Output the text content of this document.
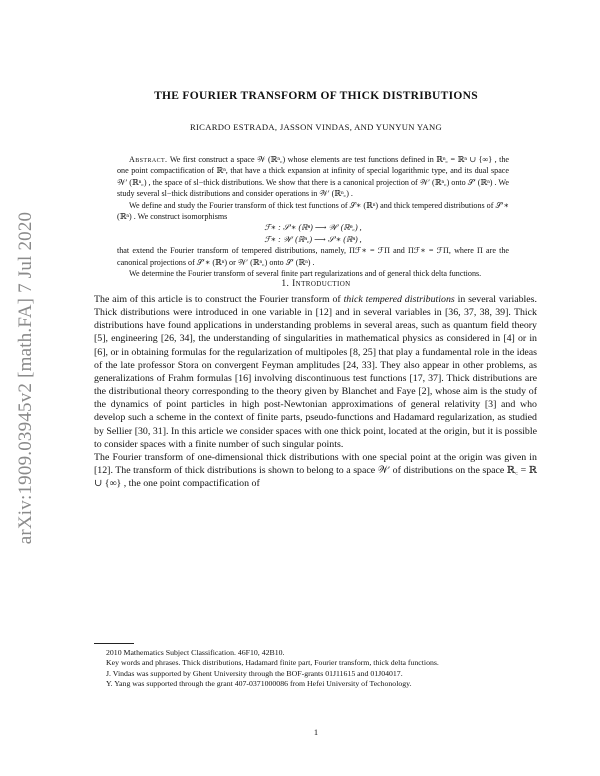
arXiv:1909.03945v2 [math.FA] 7 Jul 2020
THE FOURIER TRANSFORM OF THICK DISTRIBUTIONS
RICARDO ESTRADA, JASSON VINDAS, AND YUNYUN YANG

Abstract. We first construct a space 𝒲 (ℝⁿ꜀) whose elements are test functions defined in ℝⁿ꜀ = ℝⁿ ∪ {∞} , the one point compactification of ℝⁿ, that have a thick expansion at infinity of special logarithmic type, and its dual space 𝒲′ (ℝⁿ꜀) , the space of sl−thick distributions. We show that there is a canonical projection of 𝒲′ (ℝⁿ꜀) onto 𝒮′ (ℝⁿ) . We study several sl−thick distributions and consider operations in 𝒲′ (ℝⁿ꜀) .

We define and study the Fourier transform of thick test functions of 𝒮∗ (ℝⁿ) and thick tempered distributions of 𝒮′∗ (ℝⁿ) . We construct isomorphisms

ℱ∗ : 𝒮′∗ (ℝⁿ) ⟶ 𝒲′ (ℝⁿ꜀) ,

ℱ∗ : 𝒲′ (ℝⁿ꜀) ⟶ 𝒮′∗ (ℝⁿ) ,

that extend the Fourier transform of tempered distributions, namely, Πℱ∗ = ℱΠ and Πℱ∗ = ℱΠ, where Π are the canonical projections of 𝒮′∗ (ℝⁿ) or 𝒲′ (ℝⁿ꜀) onto 𝒮′ (ℝⁿ) .

We determine the Fourier transform of several finite part regularizations and of general thick delta functions.

1. Introduction

The aim of this article is to construct the Fourier transform of thick tempered distributions in several variables. Thick distributions were introduced in one variable in [12] and in several variables in [36, 37, 38, 39]. Thick distributions have found applications in understanding problems in several areas, such as quantum field theory [5], engineering [26, 34], the understanding of singularities in mathematical physics as considered in [4] or in [6], or in obtaining formulas for the regularization of multipoles [8, 25] that play a fundamental role in the ideas of the late professor Stora on convergent Feyman amplitudes [24, 33]. They also appear in other problems, as generalizations of Frahm formulas [16] involving discontinuous test functions [17, 37]. Thick distributions are the distributional theory corresponding to the theory given by Blanchet and Faye [2], whose aim is the study of the dynamics of point particles in high post-Newtonian approximations of general relativity [3] and who develop such a scheme in the context of finite parts, pseudo-functions and Hadamard regularization, as studied by Sellier [30, 31]. In this article we consider spaces with one thick point, located at the origin, but it is possible to consider spaces with a finite number of such singular points.

The Fourier transform of one-dimensional thick distributions with one special point at the origin was given in [12]. The transform of thick distributions is shown to belong to a space 𝒲′ of distributions on the space ℝ꜀ = ℝ ∪ {∞} , the one point compactification of

2010 Mathematics Subject Classification. 46F10, 42B10.

Key words and phrases. Thick distributions, Hadamard finite part, Fourier transform, thick delta functions.

J. Vindas was supported by Ghent University through the BOF-grants 01J11615 and 01J04017.

Y. Yang was supported through the grant 407-0371000086 from Hefei University of Techonology.

1
